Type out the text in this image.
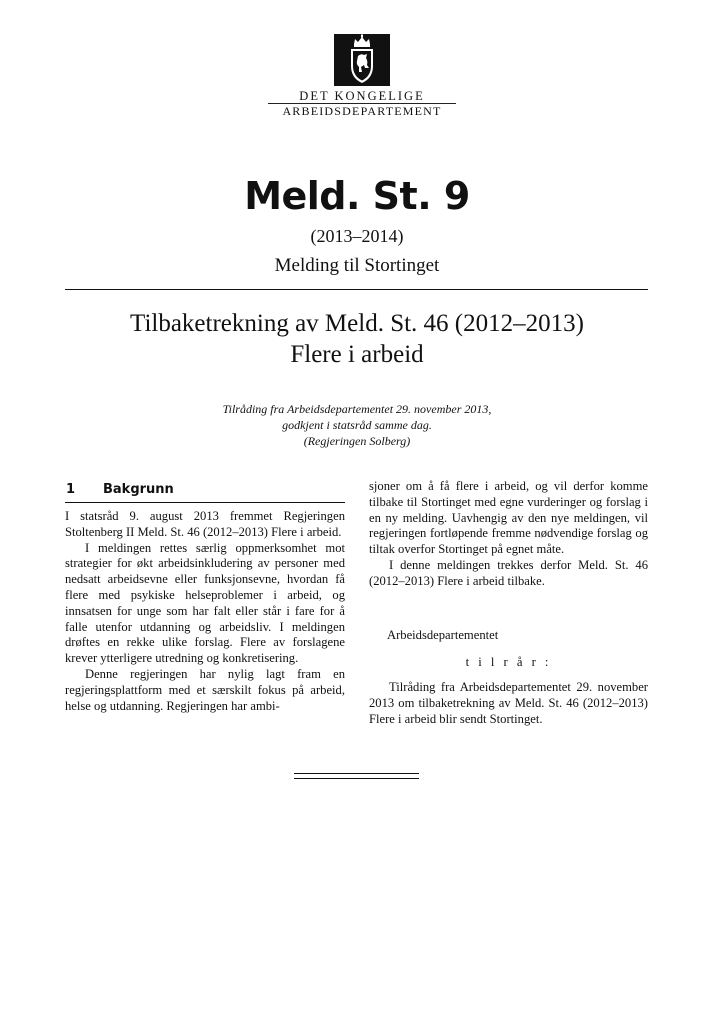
DET KONGELIGE
ARBEIDSDEPARTEMENT
Meld. St. 9
(2013–2014)
Melding til Stortinget
Tilbaketrekning av Meld. St. 46 (2012–2013)
Flere i arbeid
Tilråding fra Arbeidsdepartementet 29. november 2013,
godkjent i statsråd samme dag.
(Regjeringen Solberg)
1 Bakgrunn

I statsråd 9. august 2013 fremmet Regjeringen Stoltenberg II Meld. St. 46 (2012–2013) Flere i arbeid.

I meldingen rettes særlig oppmerksomhet mot strategier for økt arbeidsinkludering av personer med nedsatt arbeidsevne eller funksjonsevne, hvordan få flere med psykiske helseproblemer i arbeid, og innsatsen for unge som har falt eller står i fare for å falle utenfor utdanning og arbeidsliv. I meldingen drøftes en rekke ulike forslag. Flere av forslagene krever ytterligere utredning og konkretisering.

Denne regjeringen har nylig lagt fram en regjeringsplattform med et særskilt fokus på arbeid, helse og utdanning. Regjeringen har ambi-

sjoner om å få flere i arbeid, og vil derfor komme tilbake til Stortinget med egne vurderinger og forslag i en ny melding. Uavhengig av den nye meldingen, vil regjeringen fortløpende fremme nødvendige forslag og tiltak overfor Stortinget på egnet måte.

I denne meldingen trekkes derfor Meld. St. 46 (2012–2013) Flere i arbeid tilbake.

Arbeidsdepartementet
t i l r å r :

Tilråding fra Arbeidsdepartementet 29. november 2013 om tilbaketrekning av Meld. St. 46 (2012–2013) Flere i arbeid blir sendt Stortinget.
